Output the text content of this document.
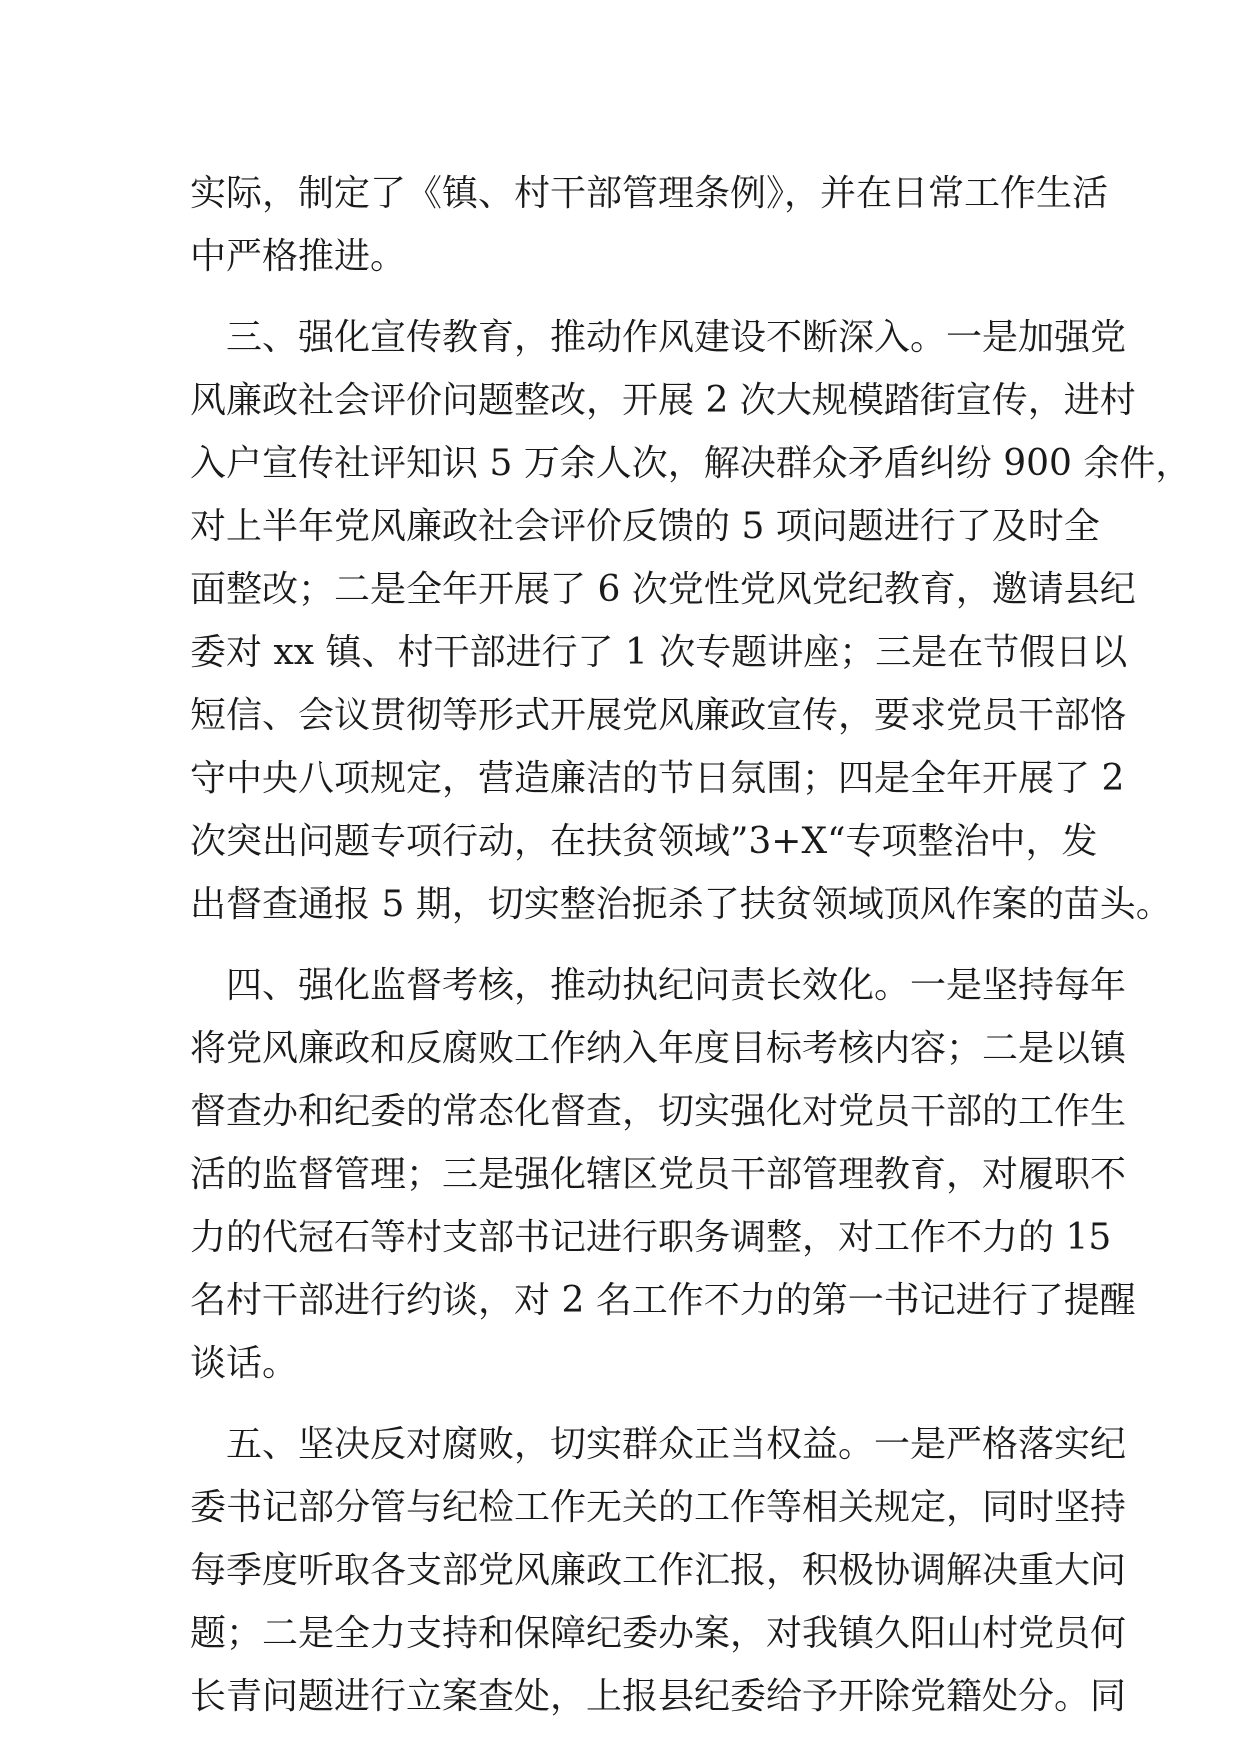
实际，制定了《镇、村干部管理条例》，并在日常工作生活
中严格推进。
三、强化宣传教育，推动作风建设不断深入。一是加强党
风廉政社会评价问题整改，开展 2 次大规模踏街宣传，进村
入户宣传社评知识 5 万余人次，解决群众矛盾纠纷 900 余件，
对上半年党风廉政社会评价反馈的 5 项问题进行了及时全
面整改；二是全年开展了 6 次党性党风党纪教育，邀请县纪
委对 xx 镇、村干部进行了 1 次专题讲座；三是在节假日以
短信、会议贯彻等形式开展党风廉政宣传，要求党员干部恪
守中央八项规定，营造廉洁的节日氛围；四是全年开展了 2
次突出问题专项行动，在扶贫领域”3+X“专项整治中，发
出督查通报 5 期，切实整治扼杀了扶贫领域顶风作案的苗头。
四、强化监督考核，推动执纪问责长效化。一是坚持每年
将党风廉政和反腐败工作纳入年度目标考核内容；二是以镇
督查办和纪委的常态化督查，切实强化对党员干部的工作生
活的监督管理；三是强化辖区党员干部管理教育，对履职不
力的代冠石等村支部书记进行职务调整，对工作不力的 15
名村干部进行约谈，对 2 名工作不力的第一书记进行了提醒
谈话。
五、坚决反对腐败，切实群众正当权益。一是严格落实纪
委书记部分管与纪检工作无关的工作等相关规定，同时坚持
每季度听取各支部党风廉政工作汇报，积极协调解决重大问
题；二是全力支持和保障纪委办案，对我镇久阳山村党员何
长青问题进行立案查处，上报县纪委给予开除党籍处分。同
